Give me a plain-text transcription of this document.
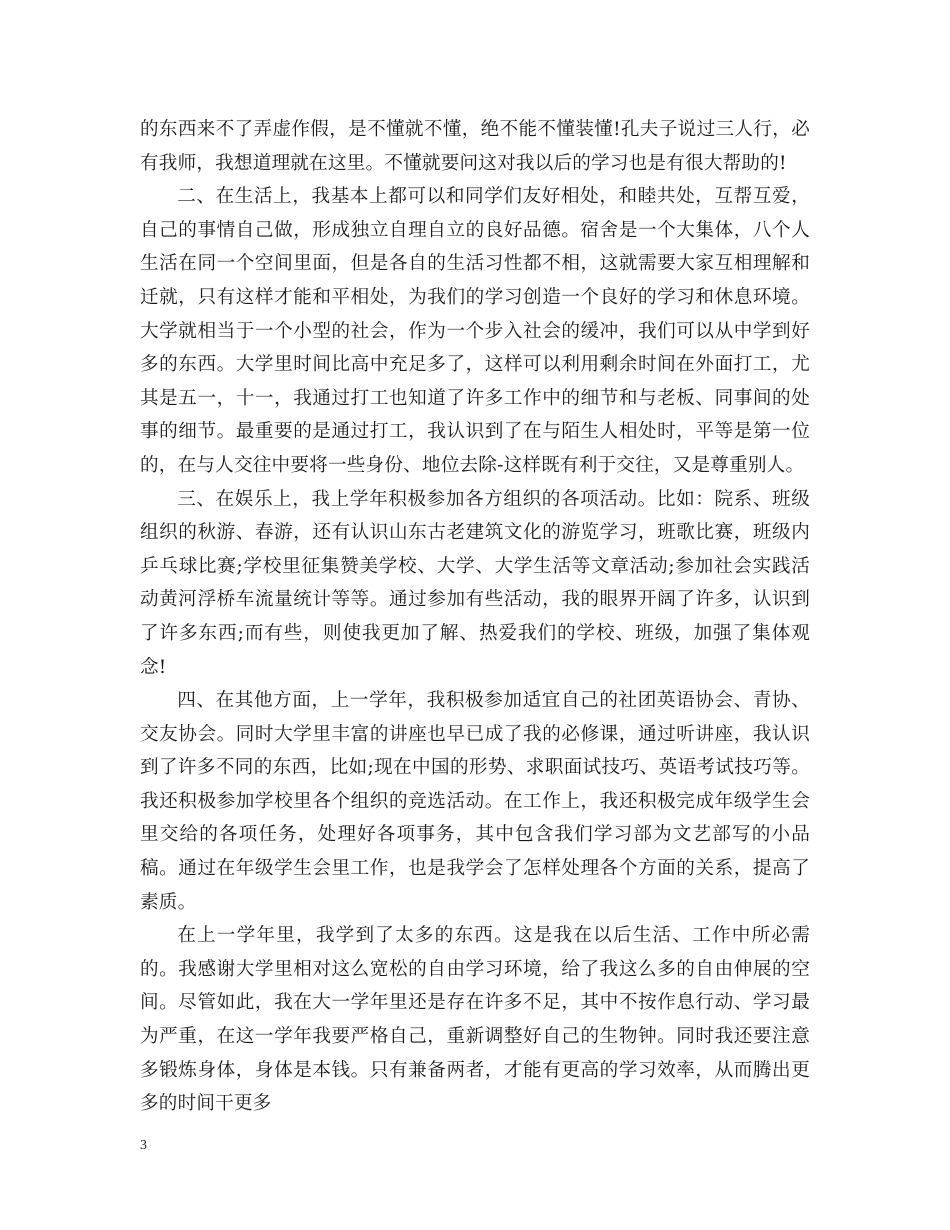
的东西来不了弄虚作假，是不懂就不懂，绝不能不懂装懂!孔夫子说过三人行，必有我师，我想道理就在这里。不懂就要问这对我以后的学习也是有很大帮助的!

二、在生活上，我基本上都可以和同学们友好相处，和睦共处，互帮互爱，自己的事情自己做，形成独立自理自立的良好品德。宿舍是一个大集体，八个人生活在同一个空间里面，但是各自的生活习性都不相，这就需要大家互相理解和迁就，只有这样才能和平相处，为我们的学习创造一个良好的学习和休息环境。大学就相当于一个小型的社会，作为一个步入社会的缓冲，我们可以从中学到好多的东西。大学里时间比高中充足多了，这样可以利用剩余时间在外面打工，尤其是五一，十一，我通过打工也知道了许多工作中的细节和与老板、同事间的处事的细节。最重要的是通过打工，我认识到了在与陌生人相处时，平等是第一位的，在与人交往中要将一些身份、地位去除-这样既有利于交往，又是尊重别人。

三、在娱乐上，我上学年积极参加各方组织的各项活动。比如：院系、班级组织的秋游、春游，还有认识山东古老建筑文化的游览学习，班歌比赛，班级内乒乓球比赛;学校里征集赞美学校、大学、大学生活等文章活动;参加社会实践活动黄河浮桥车流量统计等等。通过参加有些活动，我的眼界开阔了许多，认识到了许多东西;而有些，则使我更加了解、热爱我们的学校、班级，加强了集体观念!

四、在其他方面，上一学年，我积极参加适宜自己的社团英语协会、青协、交友协会。同时大学里丰富的讲座也早已成了我的必修课，通过听讲座，我认识到了许多不同的东西，比如;现在中国的形势、求职面试技巧、英语考试技巧等。我还积极参加学校里各个组织的竞选活动。在工作上，我还积极完成年级学生会里交给的各项任务，处理好各项事务，其中包含我们学习部为文艺部写的小品稿。通过在年级学生会里工作，也是我学会了怎样处理各个方面的关系，提高了素质。

在上一学年里，我学到了太多的东西。这是我在以后生活、工作中所必需的。我感谢大学里相对这么宽松的自由学习环境，给了我这么多的自由伸展的空间。尽管如此，我在大一学年里还是存在许多不足，其中不按作息行动、学习最为严重，在这一学年我要严格自己，重新调整好自己的生物钟。同时我还要注意多锻炼身体，身体是本钱。只有兼备两者，才能有更高的学习效率，从而腾出更多的时间干更多

3
